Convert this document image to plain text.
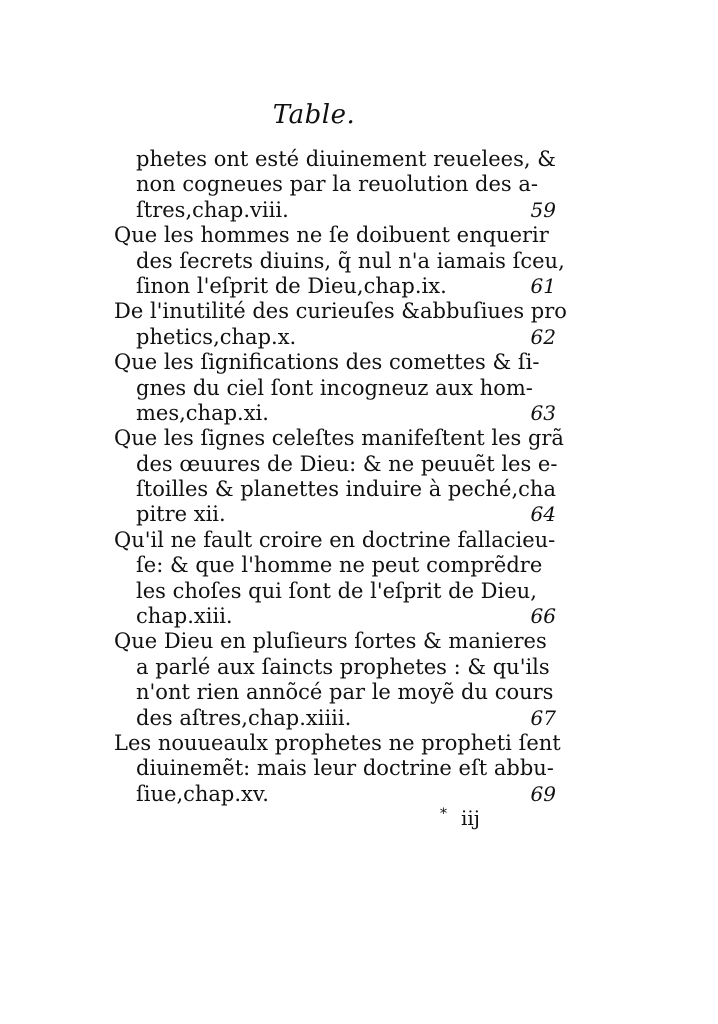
Table.
phetes ont esté diuinement reuelees, &
non cogneues par la reuolution des a-
ſtres,chap.viii.	59
Que les hommes ne ſe doibuent enquerir
des ſecrets diuins, q̃ nul n'a iamais ſceu,
ſinon l'eſprit de Dieu,chap.ix.	61
De l'inutilité des curieuſes &abbuſiues pro
phetics,chap.x.	62
Que les ſignifications des comettes & ſi-
gnes du ciel ſont incogneuz aux hom-
mes,chap.xi.	63
Que les ſignes celeſtes manifeſtent les grã
des œuures de Dieu: & ne peuuẽt les e-
ſtoilles & planettes induire à peché,cha
pitre xii.	64
Qu'il ne fault croire en doctrine fallacieu-
ſe: & que l'homme ne peut comprẽdre
les choſes qui ſont de l'eſprit de Dieu,
chap.xiii.	66
Que Dieu en pluſieurs ſortes & manieres
a parlé aux ſaincts prophetes : & qu'ils
n'ont rien annõcé par le moyẽ du cours
des aſtres,chap.xiiii.	67
Les nouueaulx prophetes ne propheti ſent
diuinemẽt: mais leur doctrine eſt abbu-
ſiue,chap.xv.	69
* iij
